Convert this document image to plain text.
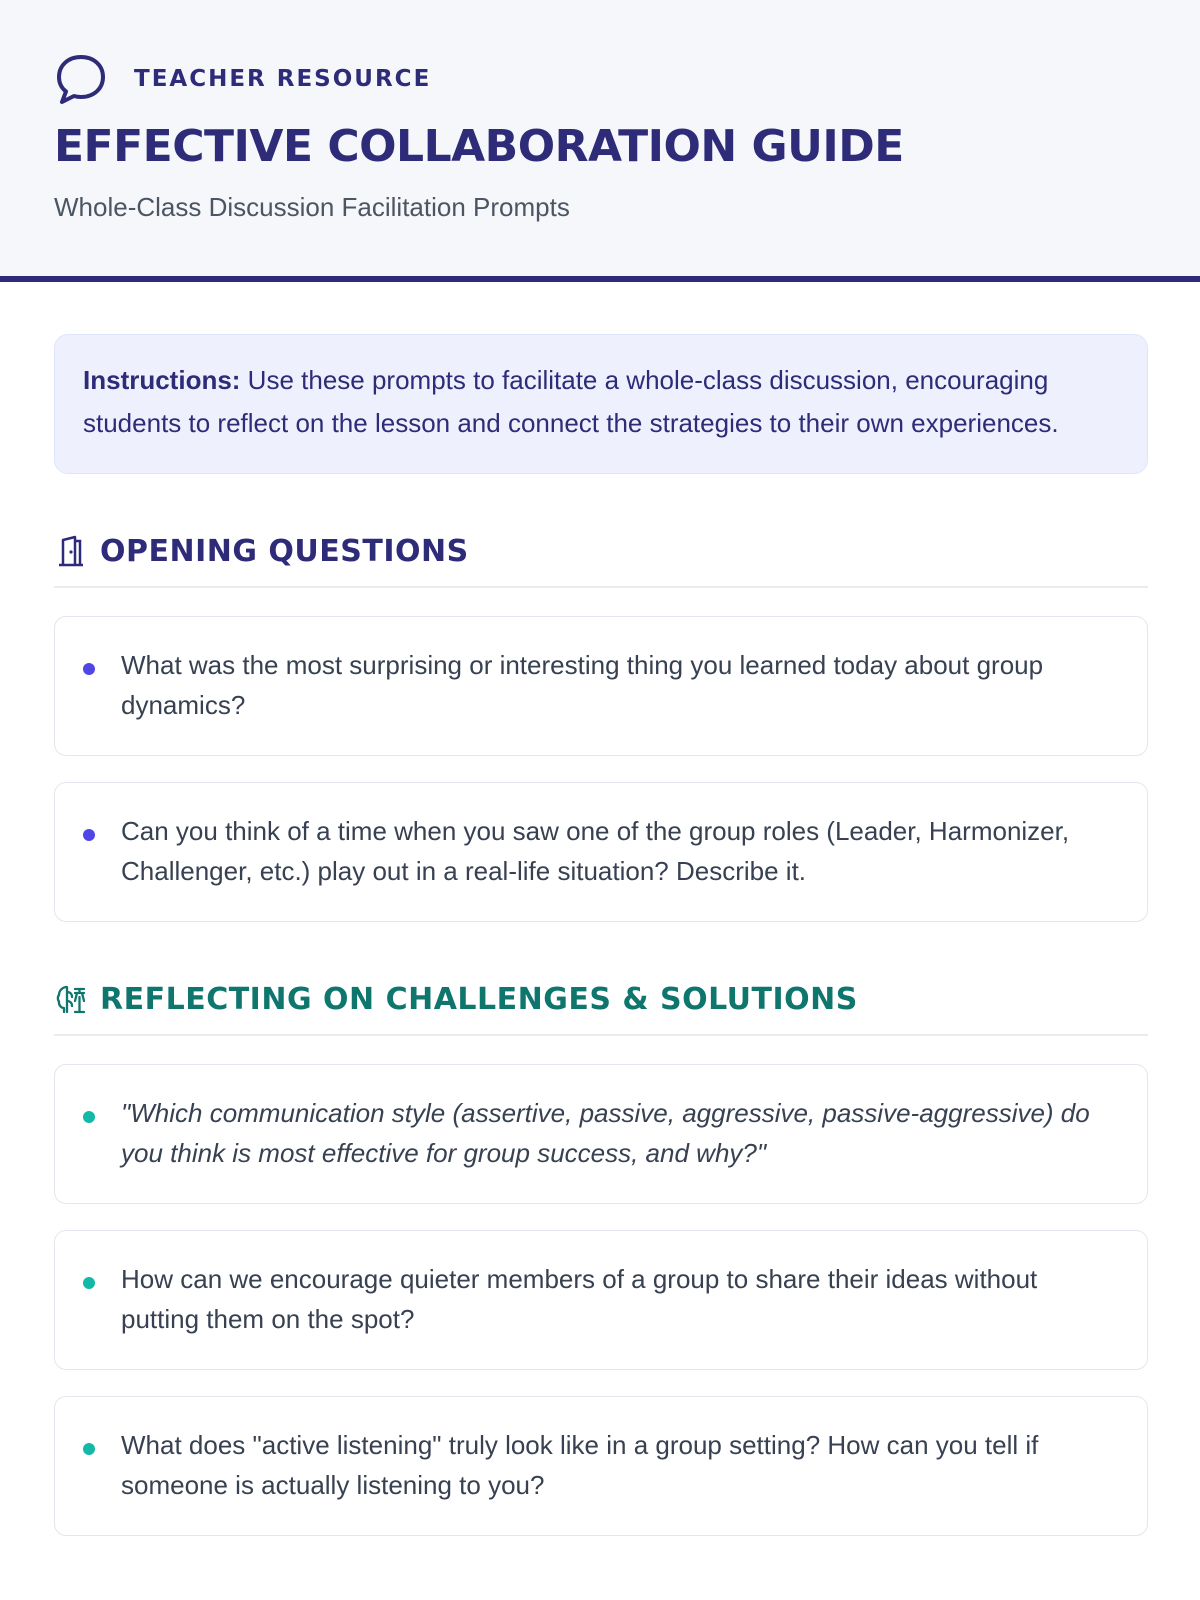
TEACHER RESOURCE
EFFECTIVE COLLABORATION GUIDE
Whole-Class Discussion Facilitation Prompts
Instructions: Use these prompts to facilitate a whole-class discussion, encouraging students to reflect on the lesson and connect the strategies to their own experiences.
OPENING QUESTIONS
What was the most surprising or interesting thing you learned today about group dynamics?
Can you think of a time when you saw one of the group roles (Leader, Harmonizer, Challenger, etc.) play out in a real-life situation? Describe it.
REFLECTING ON CHALLENGES & SOLUTIONS
"Which communication style (assertive, passive, aggressive, passive-aggressive) do you think is most effective for group success, and why?"
How can we encourage quieter members of a group to share their ideas without putting them on the spot?
What does "active listening" truly look like in a group setting? How can you tell if someone is actually listening to you?
